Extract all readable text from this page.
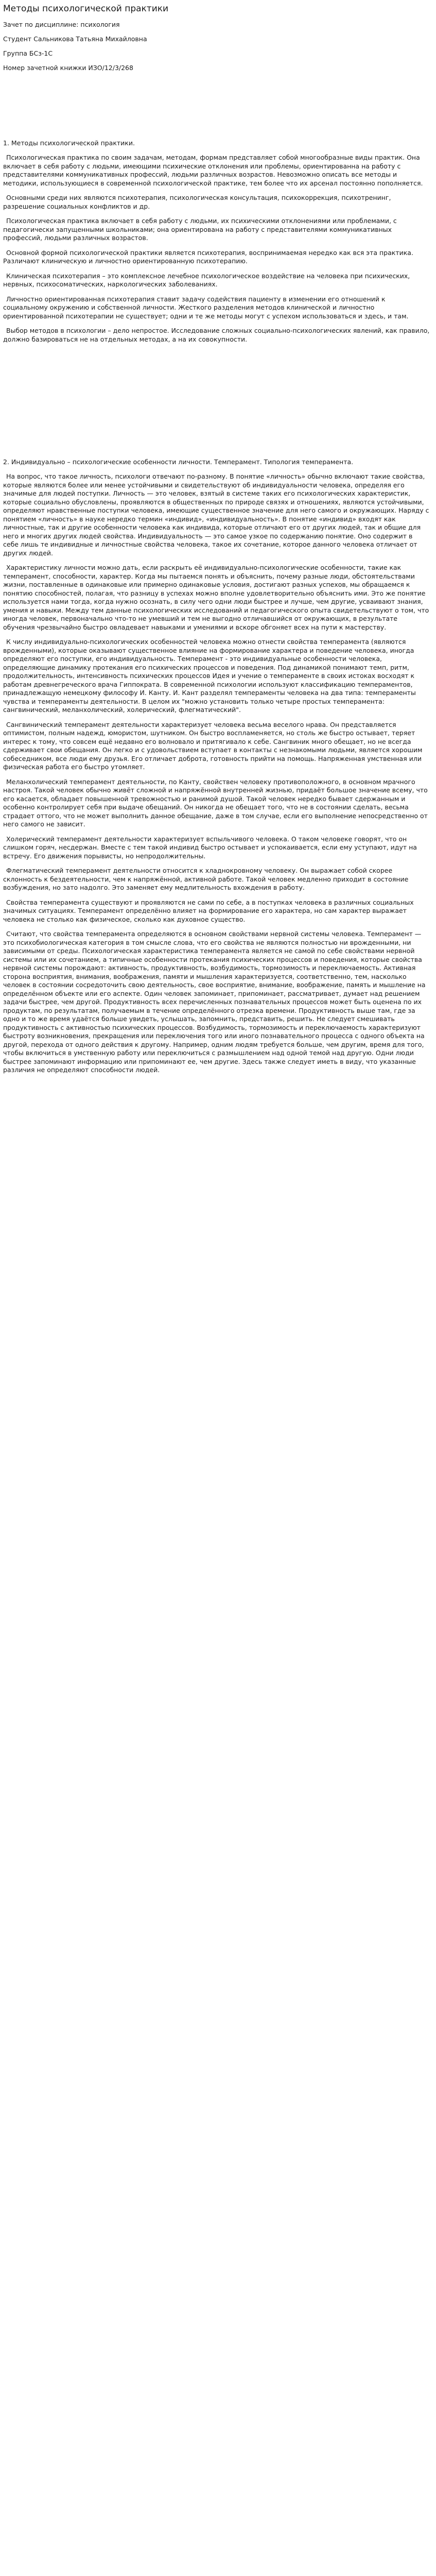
Методы психологической практики

Зачет по дисциплине: психология

Студент Сальникова Татьяна Михайловна

Группа БСз-1С

Номер зачетной книжки ИЗО/12/3/268

1. Методы психологической практики.

Психологическая практика по своим задачам, методам, формам представляет собой многообразные виды практик. Она включает в себя работу с людьми, имеющими психические отклонения или проблемы, ориентированна на работу с представителями коммуникативных профессий, людьми различных возрастов. Невозможно описать все методы и методики, использующиеся в современной психологической практике, тем более что их арсенал постоянно пополняется.

Основными среди них являются психотерапия, психологическая консультация, психокоррекция, психотренинг, разрешение социальных конфликтов и др.

Психологическая практика включает в себя работу с людьми, их психическими отклонениями или проблемами, с педагогически запущенными школьниками; она ориентирована на работу с представителями коммуникативных профессий, людьми различных возрастов.

Основной формой психологической практики является психотерапия, воспринимаемая нередко как вся эта практика. Различают клиническую и личностно ориентированную психотерапию.

Клиническая психотерапия – это комплексное лечебное психологическое воздействие на человека при психических, нервных, психосоматических, наркологических заболеваниях.

Личностно ориентированная психотерапия ставит задачу содействия пациенту в изменении его отношений к социальному окружению и собственной личности. Жесткого разделения методов клинической и личностно ориентированной психотерапии не существует; одни и те же методы могут с успехом использоваться и здесь, и там.

Выбор методов в психологии – дело непростое. Исследование сложных социально-психологических явлений, как правило, должно базироваться не на отдельных методах, а на их совокупности.

2. Индивидуально – психологические особенности личности. Темперамент. Типология темперамента.

На вопрос, что такое личность, психологи отвечают по-разному. В понятие «личность» обычно включают такие свойства, которые являются более или менее устойчивыми и свидетельствуют об индивидуальности человека, определяя его значимые для людей поступки. Личность — это человек, взятый в системе таких его психологических характеристик, которые социально обусловлены, проявляются в общественных по природе связях и отношениях, являются устойчивыми, определяют нравственные поступки человека, имеющие существенное значение для него самого и окружающих. Наряду с понятием «личность» в науке нередко термин «индивид», «индивидуальность». В понятие «индивид» входят как личностные, так и другие особенности человека как индивида, которые отличают его от других людей, так и общие для него и многих других людей свойства. Индивидуальность — это самое узкое по содержанию понятие. Оно содержит в себе лишь те индивидные и личностные свойства человека, такое их сочетание, которое данного человека отличает от других людей.

Характеристику личности можно дать, если раскрыть её индивидуально-психологические особенности, такие как темперамент, способности, характер. Когда мы пытаемся понять и объяснить, почему разные люди, обстоятельствами жизни, поставленные в одинаковые или примерно одинаковые условия, достигают разных успехов, мы обращаемся к понятию способностей, полагая, что разницу в успехах можно вполне удовлетворительно объяснить ими. Это же понятие используется нами тогда, когда нужно осознать, в силу чего одни люди быстрее и лучше, чем другие, усваивают знания, умения и навыки. Между тем данные психологических исследований и педагогического опыта свидетельствуют о том, что иногда человек, первоначально что-то не умевший и тем не выгодно отличавшийся от окружающих, в результате обучения чрезвычайно быстро овладевает навыками и умениями и вскоре обгоняет всех на пути к мастерству.

К числу индивидуально-психологических особенностей человека можно отнести свойства темперамента (являются врожденными), которые оказывают существенное влияние на формирование характера и поведение человека, иногда определяют его поступки, его индивидуальность. Темперамент - это индивидуальные особенности человека, определяющие динамику протекания его психических процессов и поведения. Под динамикой понимают темп, ритм, продолжительность, интенсивность психических процессов Идея и учение о темпераменте в своих истоках восходят к работам древнегреческого врача Гиппократа. В современной психологии используют классификацию темпераментов, принадлежащую немецкому философу И. Канту. И. Кант разделял темпераменты человека на два типа: темпераменты чувства и темпераменты деятельности. В целом их "можно установить только четыре простых темперамента: сангвинический, меланхолический, холерический, флегматический".

Сангвинический темперамент деятельности характеризует человека весьма веселого нрава. Он представляется оптимистом, полным надежд, юмористом, шутником. Он быстро воспламеняется, но столь же быстро остывает, теряет интерес к тому, что совсем ещё недавно его волновало и притягивало к себе. Сангвиник много обещает, но не всегда сдерживает свои обещания. Он легко и с удовольствием вступает в контакты с незнакомыми людьми, является хорошим собеседником, все люди ему друзья. Его отличает доброта, готовность прийти на помощь. Напряженная умственная или физическая работа его быстро утомляет.

Меланхолический темперамент деятельности, по Канту, свойствен человеку противоположного, в основном мрачного настроя. Такой человек обычно живёт сложной и напряжённой внутренней жизнью, придаёт большое значение всему, что его касается, обладает повышенной тревожностью и ранимой душой. Такой человек нередко бывает сдержанным и особенно контролирует себя при выдаче обещаний. Он никогда не обещает того, что не в состоянии сделать, весьма страдает оттого, что не может выполнить данное обещание, даже в том случае, если его выполнение непосредственно от него самого не зависит.

Холерический темперамент деятельности характеризует вспыльчивого человека. О таком человеке говорят, что он слишком горяч, несдержан. Вместе с тем такой индивид быстро остывает и успокаивается, если ему уступают, идут на встречу. Его движения порывисты, но непродолжительны.

Флегматический темперамент деятельности относится к хладнокровному человеку. Он выражает собой скорее склонность к бездеятельности, чем к напряжённой, активной работе. Такой человек медленно приходит в состояние возбуждения, но зато надолго. Это заменяет ему медлительность вхождения в работу.

Свойства темперамента существуют и проявляются не сами по себе, а в поступках человека в различных социальных значимых ситуациях. Темперамент определённо влияет на формирование его характера, но сам характер выражает человека не столько как физическое, сколько как духовное существо.

Считают, что свойства темперамента определяются в основном свойствами нервной системы человека. Темперамент — это психобиологическая категория в том смысле слова, что его свойства не являются полностью ни врожденными, ни зависимыми от среды. Психологическая характеристика темперамента является не самой по себе свойствами нервной системы или их сочетанием, а типичные особенности протекания психических процессов и поведения, которые свойства нервной системы порождают: активность, продуктивность, возбудимость, тормозимость и переключаемость. Активная сторона восприятия, внимания, воображения, памяти и мышления характеризуется, соответственно, тем, насколько человек в состоянии сосредоточить свою деятельность, свое восприятие, внимание, воображение, память и мышление на определённом объекте или его аспекте. Один человек запоминает, припоминает, рассматривает, думает над решением задачи быстрее, чем другой. Продуктивность всех перечисленных познавательных процессов может быть оценена по их продуктам, по результатам, получаемым в течение определённого отрезка времени. Продуктивность выше там, где за одно и то же время удаётся больше увидеть, услышать, запомнить, представить, решить. Не следует смешивать продуктивность с активностью психических процессов. Возбудимость, тормозимость и переключаемость характеризуют быстроту возникновения, прекращения или переключения того или иного познавательного процесса с одного объекта на другой, перехода от одного действия к другому. Например, одним людям требуется больше, чем другим, время для того, чтобы включиться в умственную работу или переключиться с размышлением над одной темой над другую. Одни люди быстрее запоминают информацию или припоминают ее, чем другие. Здесь также следует иметь в виду, что указанные различия не определяют способности людей.
